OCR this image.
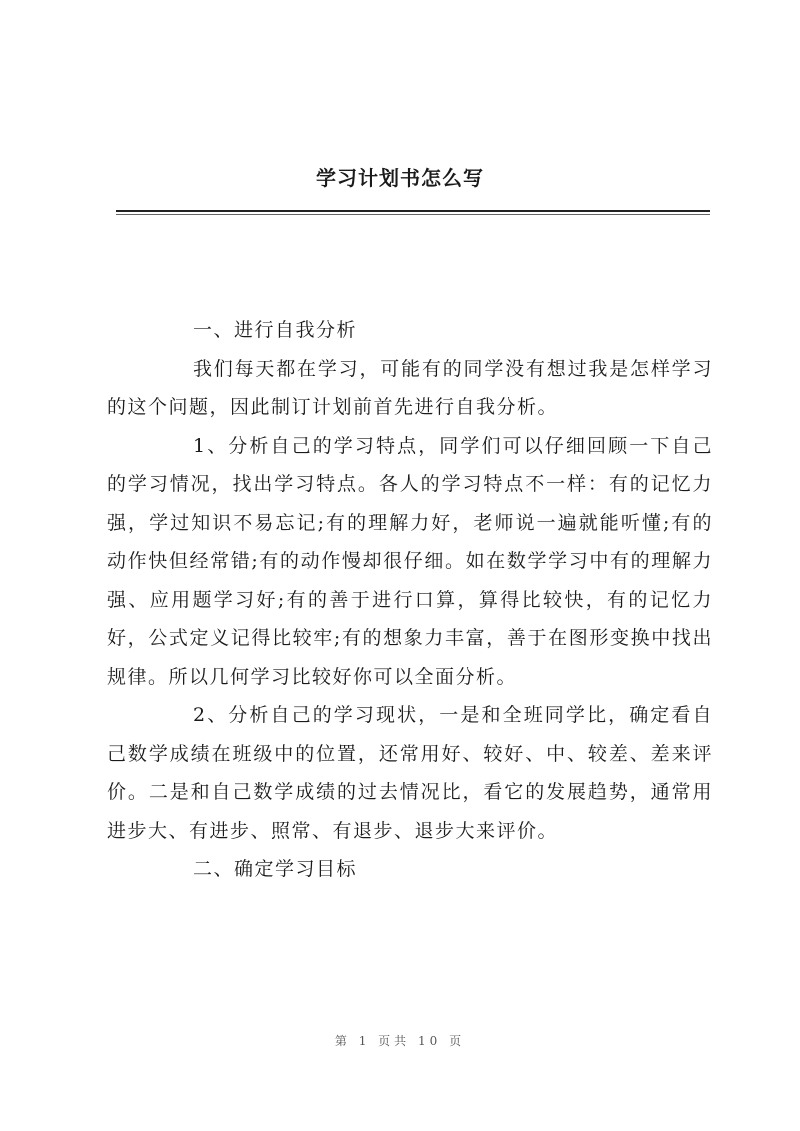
学习计划书怎么写

一、进行自我分析

我们每天都在学习，可能有的同学没有想过我是怎样学习的这个问题，因此制订计划前首先进行自我分析。

1、分析自己的学习特点，同学们可以仔细回顾一下自己的学习情况，找出学习特点。各人的学习特点不一样：有的记忆力强，学过知识不易忘记;有的理解力好，老师说一遍就能听懂;有的动作快但经常错;有的动作慢却很仔细。如在数学学习中有的理解力强、应用题学习好;有的善于进行口算，算得比较快，有的记忆力好，公式定义记得比较牢;有的想象力丰富，善于在图形变换中找出规律。所以几何学习比较好你可以全面分析。

2、分析自己的学习现状，一是和全班同学比，确定看自己数学成绩在班级中的位置，还常用好、较好、中、较差、差来评价。二是和自己数学成绩的过去情况比，看它的发展趋势，通常用进步大、有进步、照常、有退步、退步大来评价。

二、确定学习目标

第 1 页共 10 页
